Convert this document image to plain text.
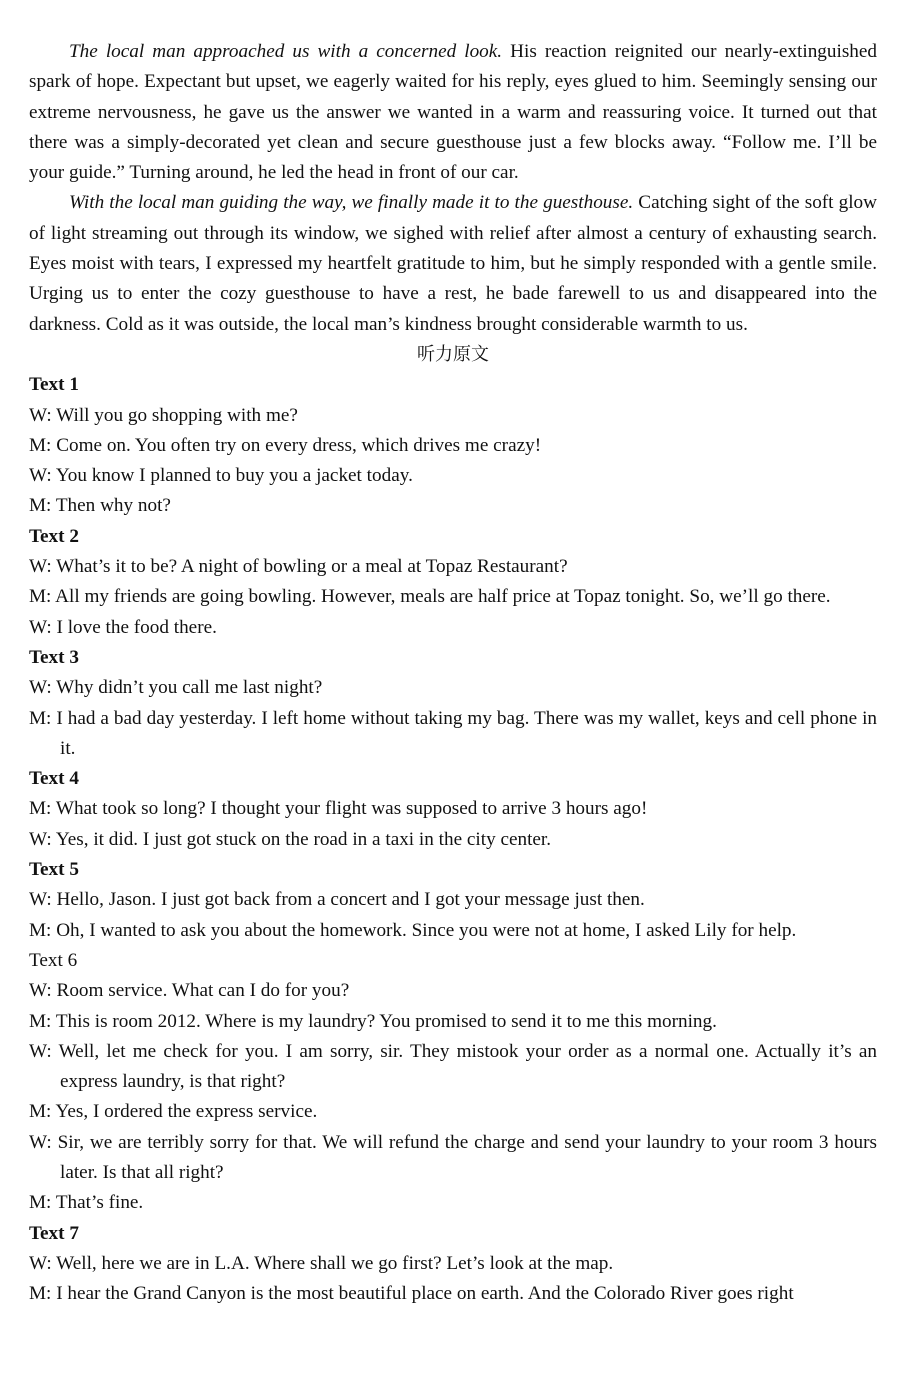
The local man approached us with a concerned look. His reaction reignited our nearly-extinguished spark of hope. Expectant but upset, we eagerly waited for his reply, eyes glued to him. Seemingly sensing our extreme nervousness, he gave us the answer we wanted in a warm and reassuring voice. It turned out that there was a simply-decorated yet clean and secure guesthouse just a few blocks away. “Follow me. I’ll be your guide.” Turning around, he led the head in front of our car.

With the local man guiding the way, we finally made it to the guesthouse. Catching sight of the soft glow of light streaming out through its window, we sighed with relief after almost a century of exhausting search. Eyes moist with tears, I expressed my heartfelt gratitude to him, but he simply responded with a gentle smile. Urging us to enter the cozy guesthouse to have a rest, he bade farewell to us and disappeared into the darkness. Cold as it was outside, the local man’s kindness brought considerable warmth to us.

听力原文

Text 1

W: Will you go shopping with me?

M: Come on. You often try on every dress, which drives me crazy!

W: You know I planned to buy you a jacket today.

M: Then why not?

Text 2

W: What’s it to be? A night of bowling or a meal at Topaz Restaurant?

M: All my friends are going bowling. However, meals are half price at Topaz tonight. So, we’ll go there.

W: I love the food there.

Text 3

W: Why didn’t you call me last night?

M: I had a bad day yesterday. I left home without taking my bag. There was my wallet, keys and cell phone in it.

Text 4

M: What took so long? I thought your flight was supposed to arrive 3 hours ago!

W: Yes, it did. I just got stuck on the road in a taxi in the city center.

Text 5

W: Hello, Jason. I just got back from a concert and I got your message just then.

M: Oh, I wanted to ask you about the homework. Since you were not at home, I asked Lily for help.

Text 6

W: Room service. What can I do for you?

M: This is room 2012. Where is my laundry? You promised to send it to me this morning.

W: Well, let me check for you. I am sorry, sir. They mistook your order as a normal one. Actually it’s an express laundry, is that right?

M: Yes, I ordered the express service.

W: Sir, we are terribly sorry for that. We will refund the charge and send your laundry to your room 3 hours later. Is that all right?

M: That’s fine.

Text 7

W: Well, here we are in L.A. Where shall we go first? Let’s look at the map.

M: I hear the Grand Canyon is the most beautiful place on earth. And the Colorado River goes right
